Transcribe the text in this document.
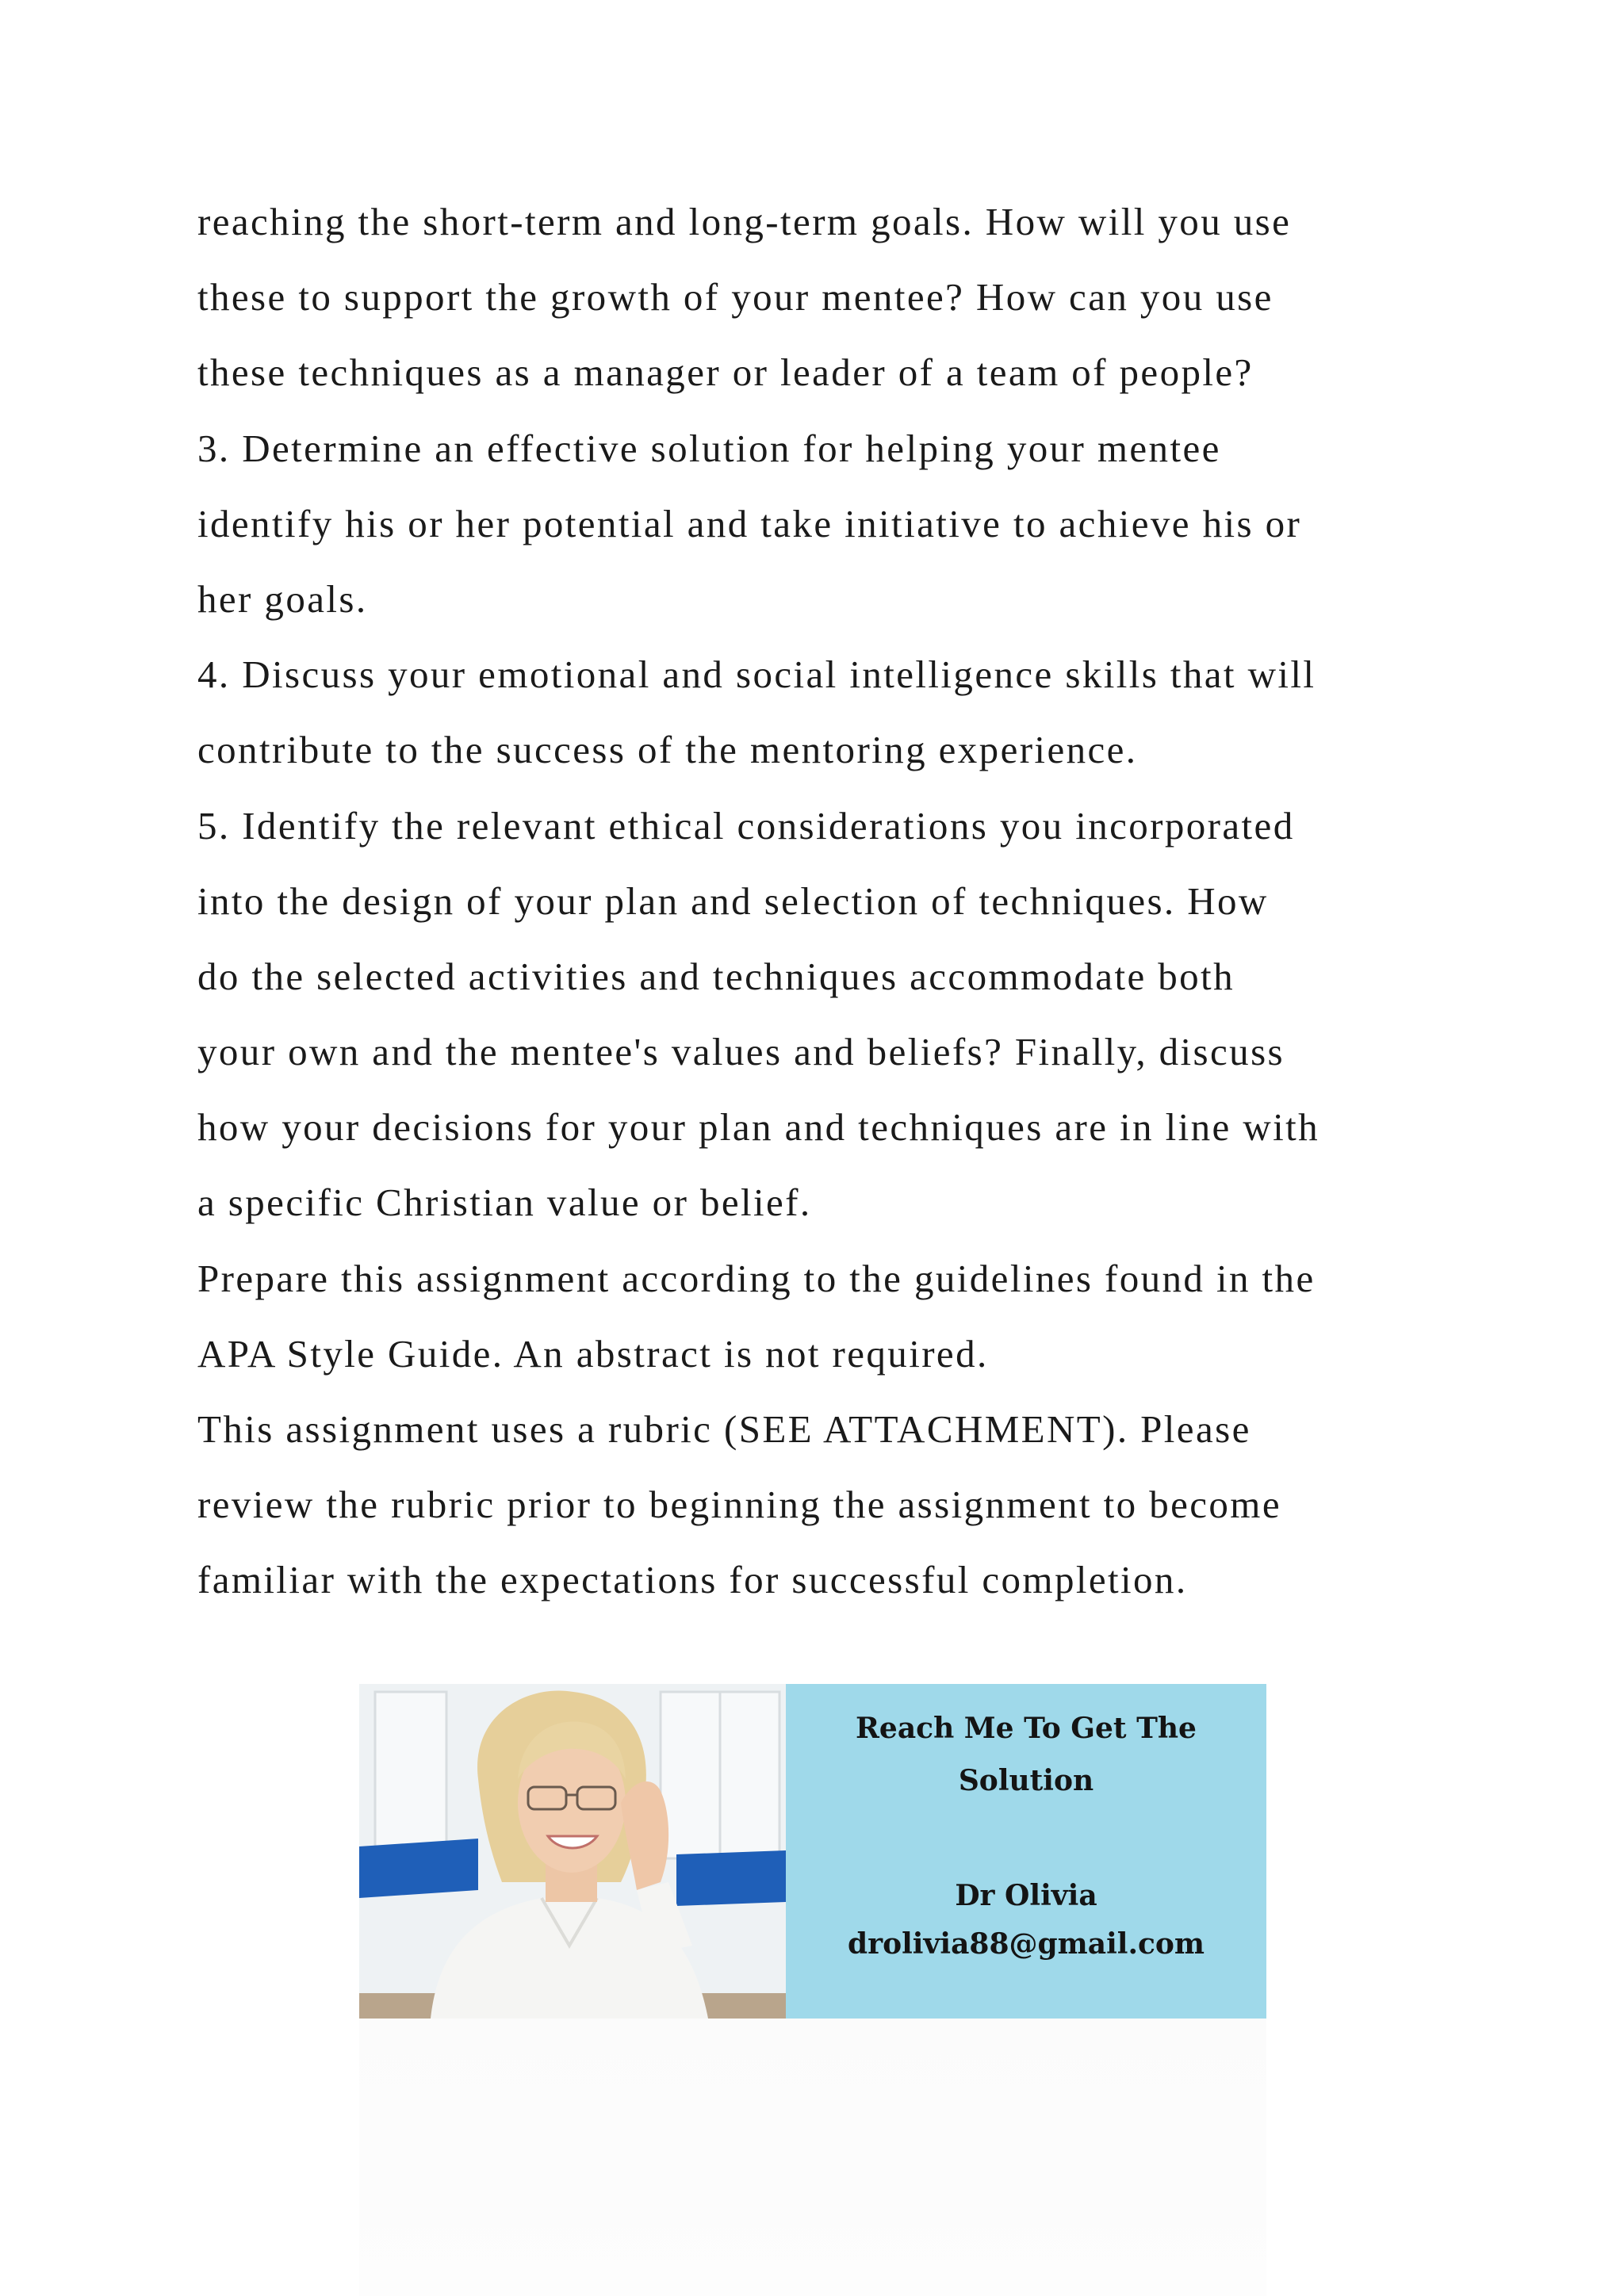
reaching the short-term and long-term goals. How will you use
these to support the growth of your mentee? How can you use
these techniques as a manager or leader of a team of people?
3. Determine an effective solution for helping your mentee
identify his or her potential and take initiative to achieve his or
her goals.
4. Discuss your emotional and social intelligence skills that will
contribute to the success of the mentoring experience.
5. Identify the relevant ethical considerations you incorporated
into the design of your plan and selection of techniques. How
do the selected activities and techniques accommodate both
your own and the mentee's values and beliefs? Finally, discuss
how your decisions for your plan and techniques are in line with
a specific Christian value or belief.
Prepare this assignment according to the guidelines found in the
APA Style Guide. An abstract is not required.
This assignment uses a rubric (SEE ATTACHMENT). Please
review the rubric prior to beginning the assignment to become
familiar with the expectations for successful completion.
Reach Me To Get The
Solution
Dr Olivia
drolivia88@gmail.com
